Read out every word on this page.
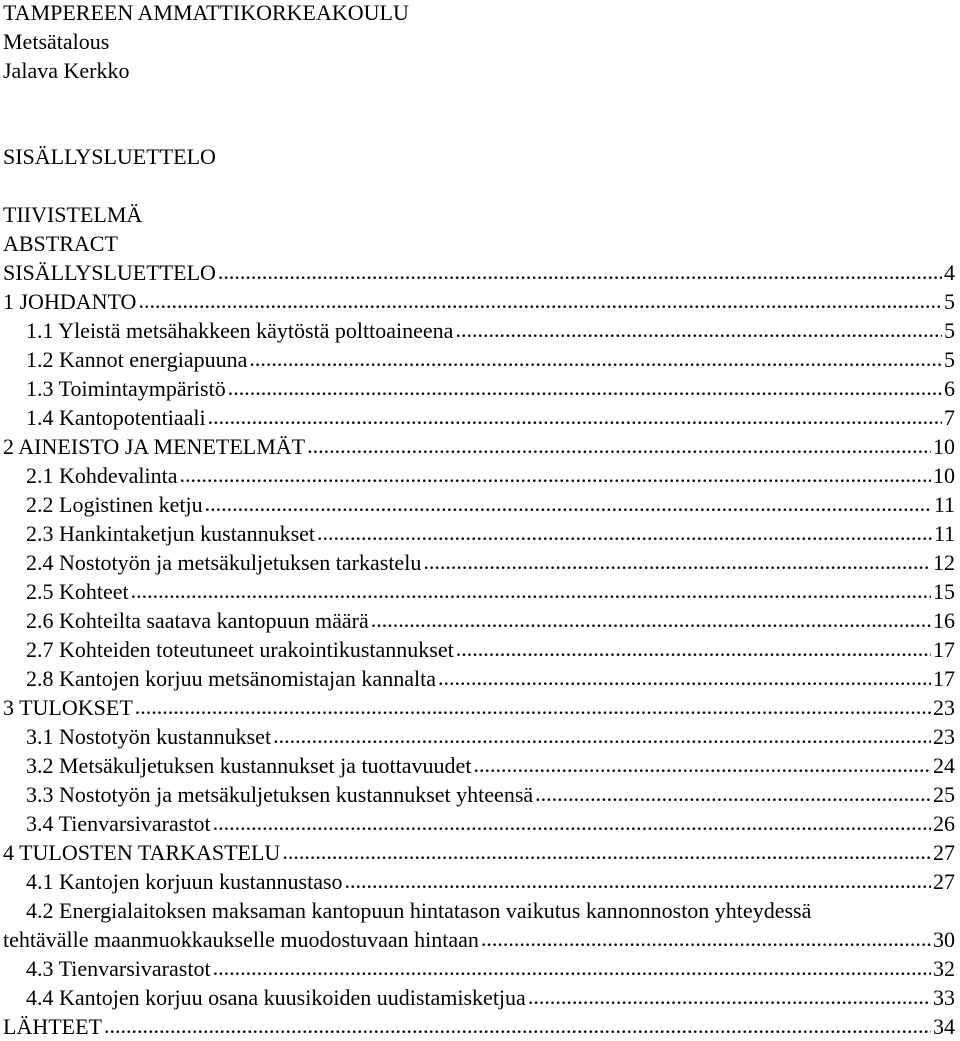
TAMPEREEN AMMATTIKORKEAKOULU
Metsätalous
Jalava Kerkko
SISÄLLYSLUETTELO
TIIVISTELMÄ
ABSTRACT
SISÄLLYSLUETTELO .....	4
1 JOHDANTO .....	5
1.1 Yleistä metsähakkeen käytöstä polttoaineena .....	5
1.2 Kannot energiapuuna .....	5
1.3 Toimintaympäristö .....	6
1.4 Kantopotentiaali .....	7
2 AINEISTO JA MENETELMÄT .....	10
2.1 Kohdevalinta .....	10
2.2 Logistinen ketju .....	11
2.3 Hankintaketjun kustannukset .....	11
2.4 Nostotyön ja metsäkuljetuksen tarkastelu .....	12
2.5 Kohteet .....	15
2.6 Kohteilta saatava kantopuun määrä .....	16
2.7 Kohteiden toteutuneet urakointikustannukset .....	17
2.8 Kantojen korjuu metsänomistajan kannalta .....	17
3 TULOKSET .....	23
3.1 Nostotyön kustannukset .....	23
3.2 Metsäkuljetuksen kustannukset ja tuottavuudet .....	24
3.3 Nostotyön ja metsäkuljetuksen kustannukset yhteensä .....	25
3.4 Tienvarsivarastot .....	26
4 TULOSTEN TARKASTELU .....	27
4.1 Kantojen korjuun kustannustaso .....	27
4.2 Energialaitoksen maksaman kantopuun hintatason vaikutus kannonnoston yhteydessä
tehtävälle maanmuokkaukselle muodostuvaan hintaan .....	30
4.3 Tienvarsivarastot .....	32
4.4 Kantojen korjuu osana kuusikoiden uudistamisketjua .....	33
LÄHTEET .....	34
